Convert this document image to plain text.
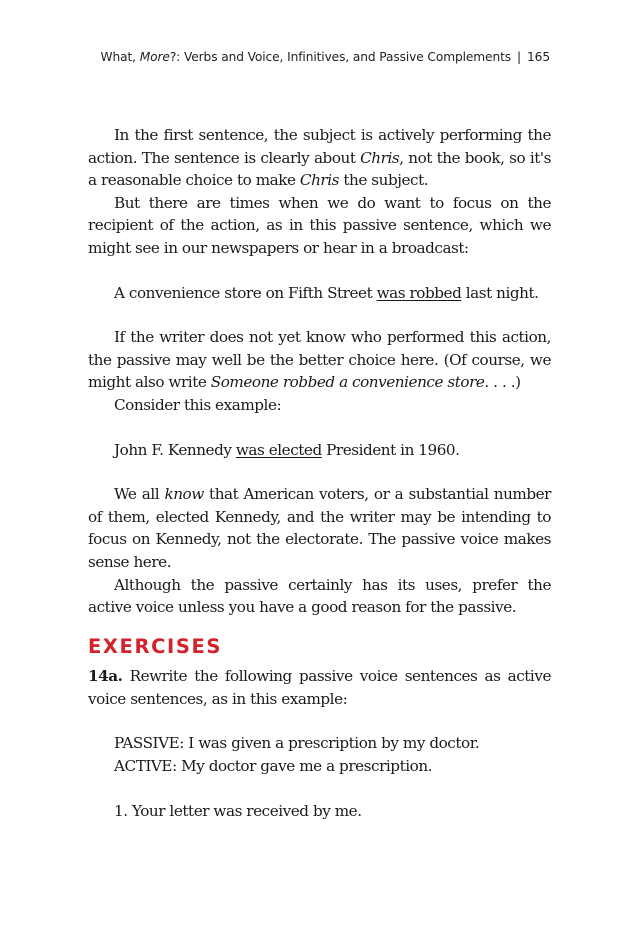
What, More?: Verbs and Voice, Infinitives, and Passive Complements | 165

In the first sentence, the subject is actively performing the action. The sentence is clearly about Chris, not the book, so it's a reasonable choice to make Chris the subject.

But there are times when we do want to focus on the recipient of the action, as in this passive sentence, which we might see in our newspapers or hear in a broadcast:

A convenience store on Fifth Street was robbed last night.

If the writer does not yet know who performed this action, the passive may well be the better choice here. (Of course, we might also write Someone robbed a convenience store. . . .)

Consider this example:

John F. Kennedy was elected President in 1960.

We all know that American voters, or a substantial number of them, elected Kennedy, and the writer may be intending to focus on Kennedy, not the electorate. The passive voice makes sense here.

Although the passive certainly has its uses, prefer the active voice unless you have a good reason for the passive.

EXERCISES

14a. Rewrite the following passive voice sentences as active voice sentences, as in this example:

PASSIVE: I was given a prescription by my doctor.

ACTIVE: My doctor gave me a prescription.

1. Your letter was received by me.
